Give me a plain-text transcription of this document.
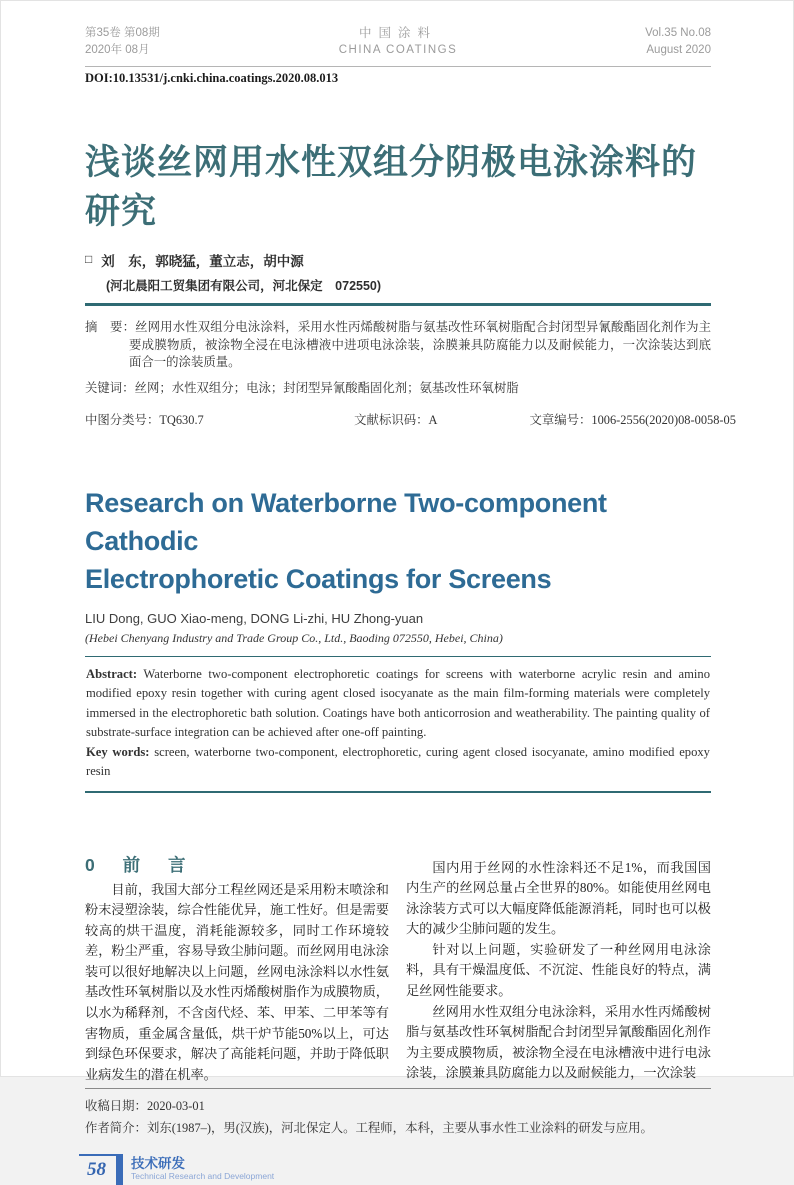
第35卷 第08期
2020年 08月
中国涂料
CHINA COATINGS
Vol.35 No.08
August 2020
DOI:10.13531/j.cnki.china.coatings.2020.08.013
浅谈丝网用水性双组分阴极电泳涂料的
研究
□ 刘　东，郭晓猛，董立志，胡中源
(河北晨阳工贸集团有限公司，河北保定　072550)

摘　要：丝网用水性双组分电泳涂料，采用水性丙烯酸树脂与氨基改性环氧树脂配合封闭型异氰酸酯固化剂作为主要成膜物质，被涂物全浸在电泳槽液中进项电泳涂装，涂膜兼具防腐能力以及耐候能力，一次涂装达到底面合一的涂装质量。

关键词：丝网；水性双组分；电泳；封闭型异氰酸酯固化剂；氨基改性环氧树脂

中图分类号：TQ630.7	文献标识码：A	文章编号：1006-2556(2020)08-0058-05
Research on Waterborne Two-component Cathodic
Electrophoretic Coatings for Screens
LIU Dong, GUO Xiao-meng, DONG Li-zhi, HU Zhong-yuan
(Hebei Chenyang Industry and Trade Group Co., Ltd., Baoding 072550, Hebei, China)

Abstract: Waterborne two-component electrophoretic coatings for screens with waterborne acrylic resin and amino modified epoxy resin together with curing agent closed isocyanate as the main film-forming materials were completely immersed in the electrophoretic bath solution. Coatings have both anticorrosion and weatherability. The painting quality of substrate-surface integration can be achieved after one-off painting.

Key words: screen, waterborne two-component, electrophoretic, curing agent closed isocyanate, amino modified epoxy resin

0 前 言

目前，我国大部分工程丝网还是采用粉末喷涂和粉末浸塑涂装，综合性能优异，施工性好。但是需要较高的烘干温度，消耗能源较多，同时工作环境较差，粉尘严重，容易导致尘肺问题。而丝网用电泳涂装可以很好地解决以上问题，丝网电泳涂料以水性氨基改性环氧树脂以及水性丙烯酸树脂作为成膜物质，以水为稀释剂，不含卤代烃、苯、甲苯、二甲苯等有害物质，重金属含量低，烘干炉节能50%以上，可达到绿色环保要求，解决了高能耗问题，并助于降低职业病发生的潜在机率。

国内用于丝网的水性涂料还不足1%，而我国国内生产的丝网总量占全世界的80%。如能使用丝网电泳涂装方式可以大幅度降低能源消耗，同时也可以极大的减少尘肺问题的发生。

针对以上问题，实验研发了一种丝网用电泳涂料，具有干燥温度低、不沉淀、性能良好的特点，满足丝网性能要求。

丝网用水性双组分电泳涂料，采用水性丙烯酸树脂与氨基改性环氧树脂配合封闭型异氰酸酯固化剂作为主要成膜物质，被涂物全浸在电泳槽液中进行电泳涂装，涂膜兼具防腐能力以及耐候能力，一次涂装

收稿日期：2020-03-01
作者简介：刘东(1987–)，男(汉族)，河北保定人。工程师，本科，主要从事水性工业涂料的研发与应用。
58 技术研发
Technical Research and Development
